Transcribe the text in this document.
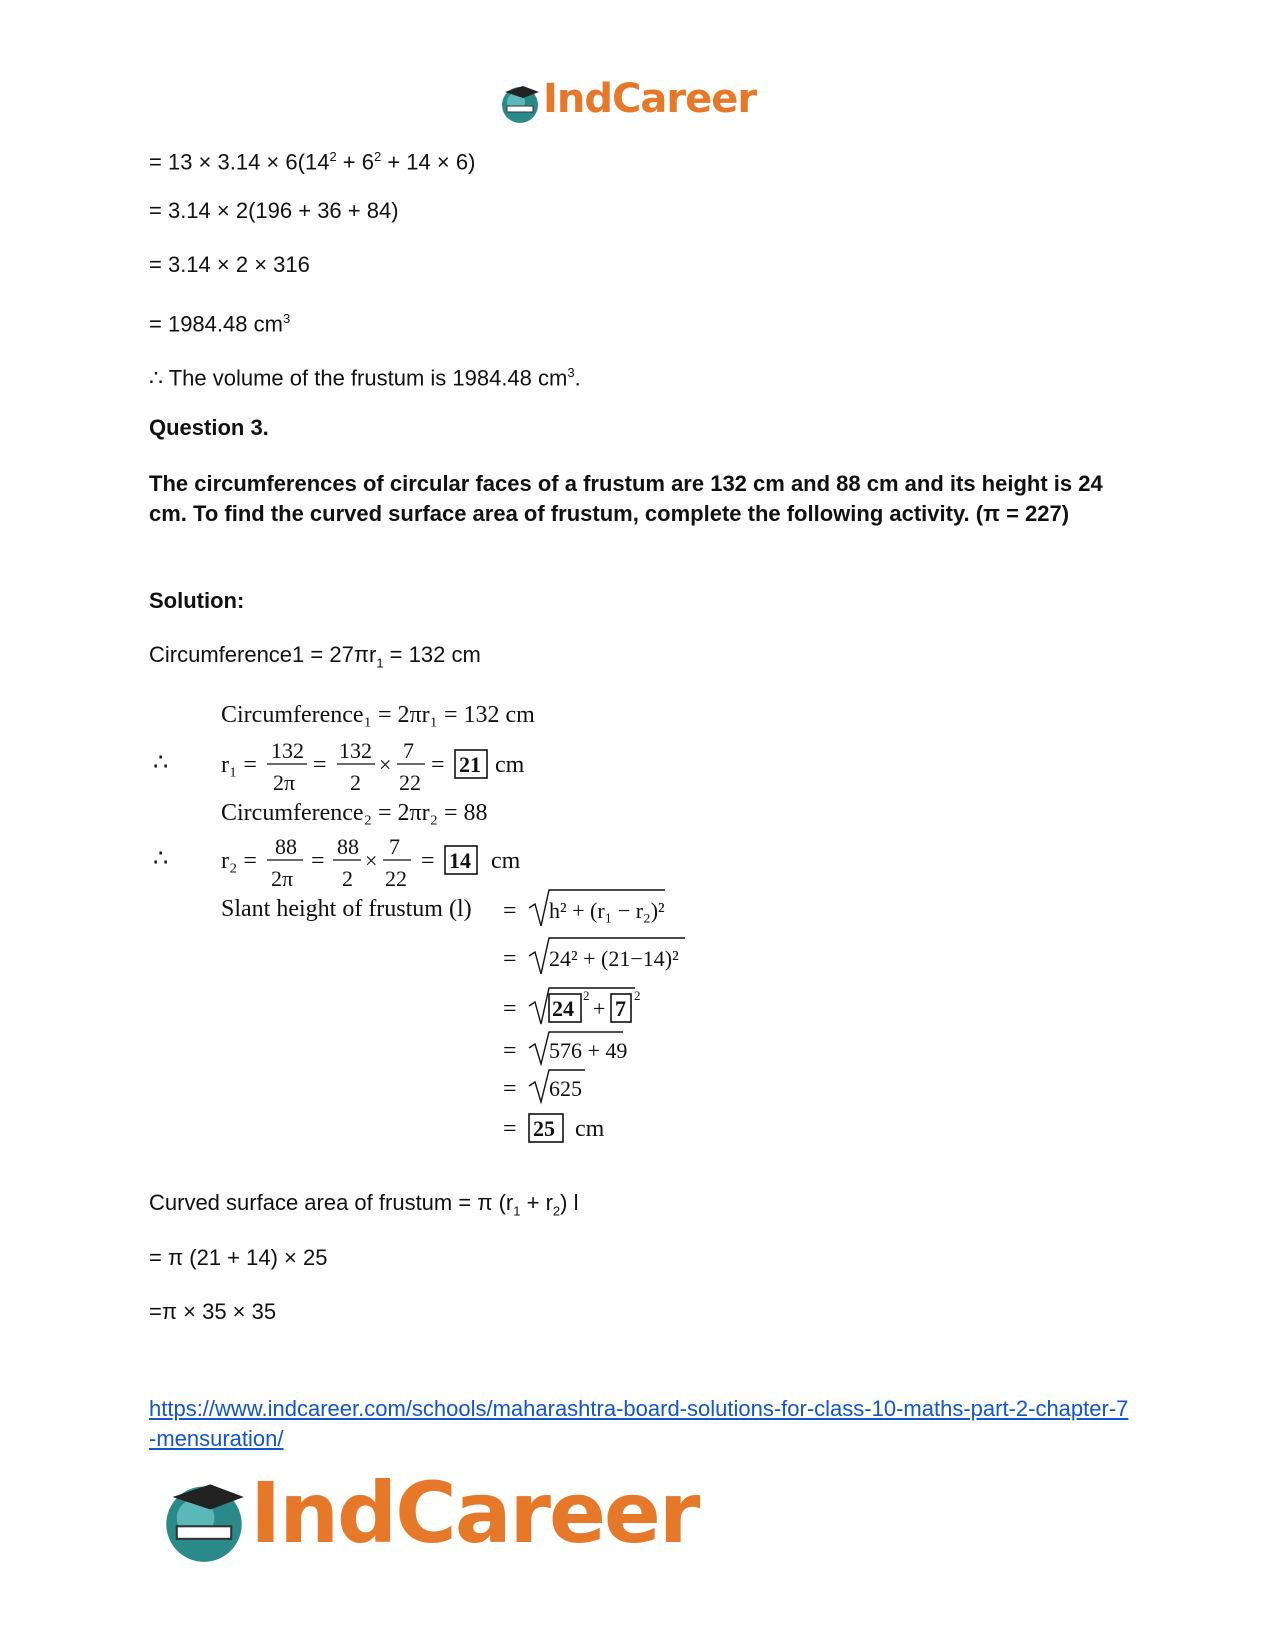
IndCareer
= $13 \times 3.14 \times 6(14^2 + 6^2 + 14 \times 6)$
= 3.14 × 2(196 + 36 + 84)
= 3.14 × 2 × 316
= 1984.48 $cm^3$
∴ The volume of the frustum is 1984.48 $cm^3$.
Question 3.
The circumferences of circular faces of a frustum are 132 cm and 88 cm and its height is 24 cm. To find the curved surface area of frustum, complete the following activity. (π = 227)
Solution:
Circumference1 = $27\pi r_1 = 132$ cm
Circumference₁ = 2πr₁ = 132 cm
∴ r₁ =
132
2π
=
132
2
×
7
22
= 21 cm
Circumference₂ = 2πr₂ = 88
∴ r₂ =
88
2π
=
88
2
×
7
22
= 14 cm
Slant height of frustum (l) = h² + (r₁ − r₂)²
= 24² + (21−14)²
= 24
2
+ 7
2
= 576 + 49
= 625
= 25 cm
Curved surface area of frustum = π $(r_1 + r_2)$ l
= π (21 + 14) × 25
=π × 35 × 35
https://www.indcareer.com/schools/maharashtra-board-solutions-for-class-10-maths-part-2-chapter-7-mensuration/
IndCareer
